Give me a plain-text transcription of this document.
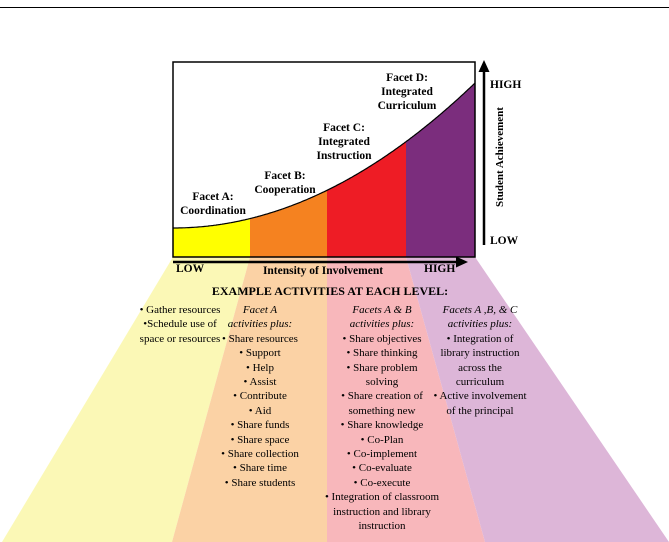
Facet A:
Coordination
Facet B:
Cooperation
Facet C:
Integrated
Instruction
Facet D:
Integrated
Curriculum
HIGH
LOW
Student Achievement
LOW	Intensity of Involvement	HIGH
EXAMPLE ACTIVITIES AT EACH LEVEL:
• Gather resources
•Schedule use of
space or resources
Facet A
activities plus:
• Share resources
• Support
• Help
• Assist
• Contribute
• Aid
• Share funds
• Share space
• Share collection
• Share time
• Share students
Facets A & B
activities plus:
• Share objectives
• Share thinking
• Share problem
solving
• Share creation of
something new
• Share knowledge
• Co-Plan
• Co-implement
• Co-evaluate
• Co-execute
• Integration of classroom
instruction and library
instruction
Facets A ,B, & C
activities plus:
• Integration of
library instruction
across the
curriculum
• Active involvement
of the principal
